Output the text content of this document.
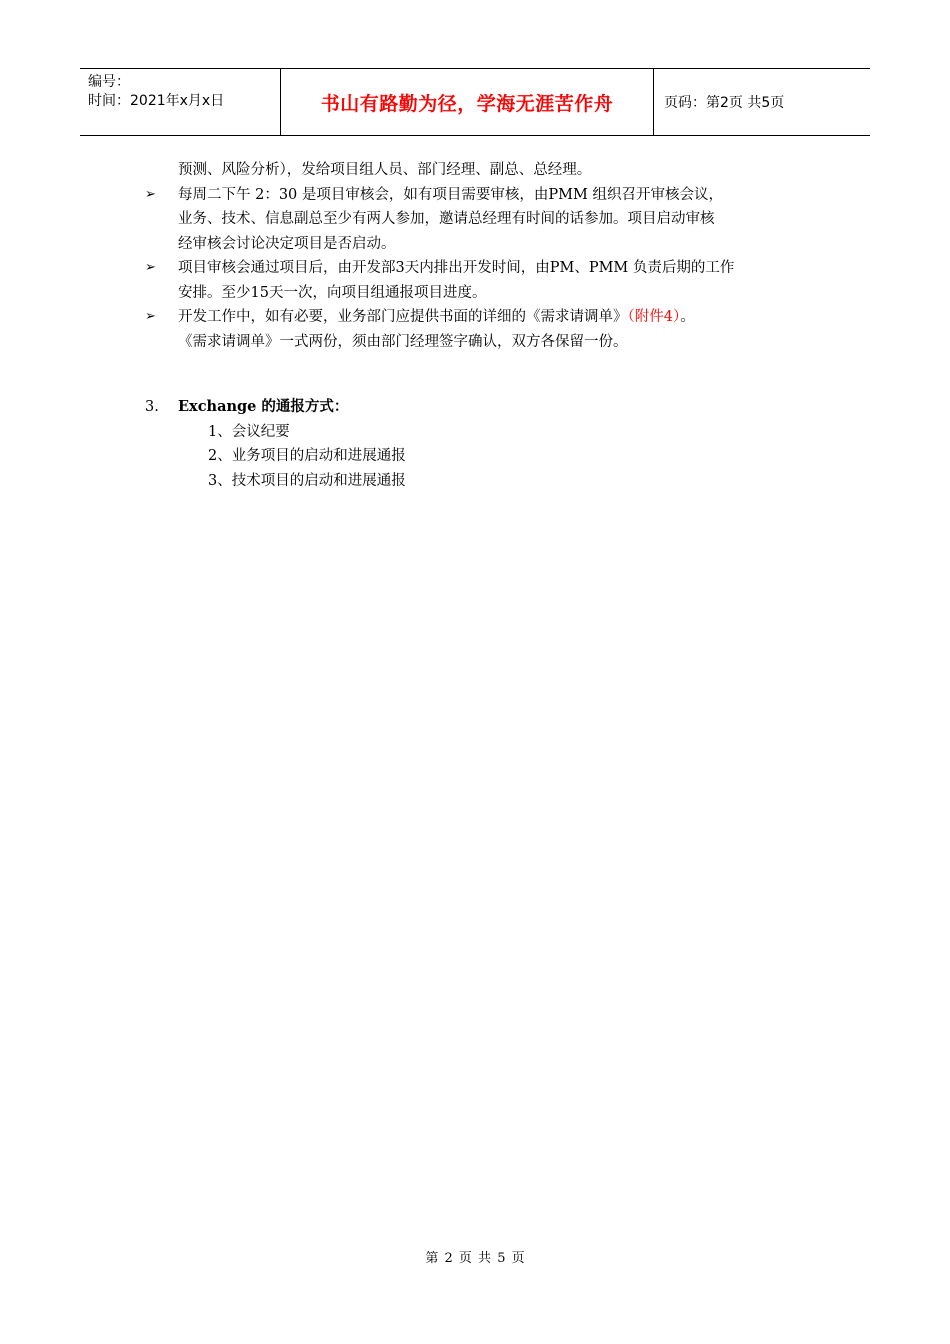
编号：
时间：2021年x月x日	书山有路勤为径，学海无涯苦作舟	页码：第2页 共5页
预测、风险分析），发给项目组人员、部门经理、副总、总经理。
➢	每周二下午 2：30 是项目审核会，如有项目需要审核，由PMM 组织召开审核会议，
业务、技术、信息副总至少有两人参加，邀请总经理有时间的话参加。项目启动审核
经审核会讨论决定项目是否启动。
➢	项目审核会通过项目后，由开发部3天内排出开发时间，由PM、PMM 负责后期的工作
安排。至少15天一次，向项目组通报项目进度。
➢	开发工作中，如有必要，业务部门应提供书面的详细的《需求请调单》（附件4）。
《需求请调单》一式两份，须由部门经理签字确认，双方各保留一份。
3.	Exchange 的通报方式：
1、会议纪要
2、业务项目的启动和进展通报
3、技术项目的启动和进展通报
第 2 页 共 5 页
